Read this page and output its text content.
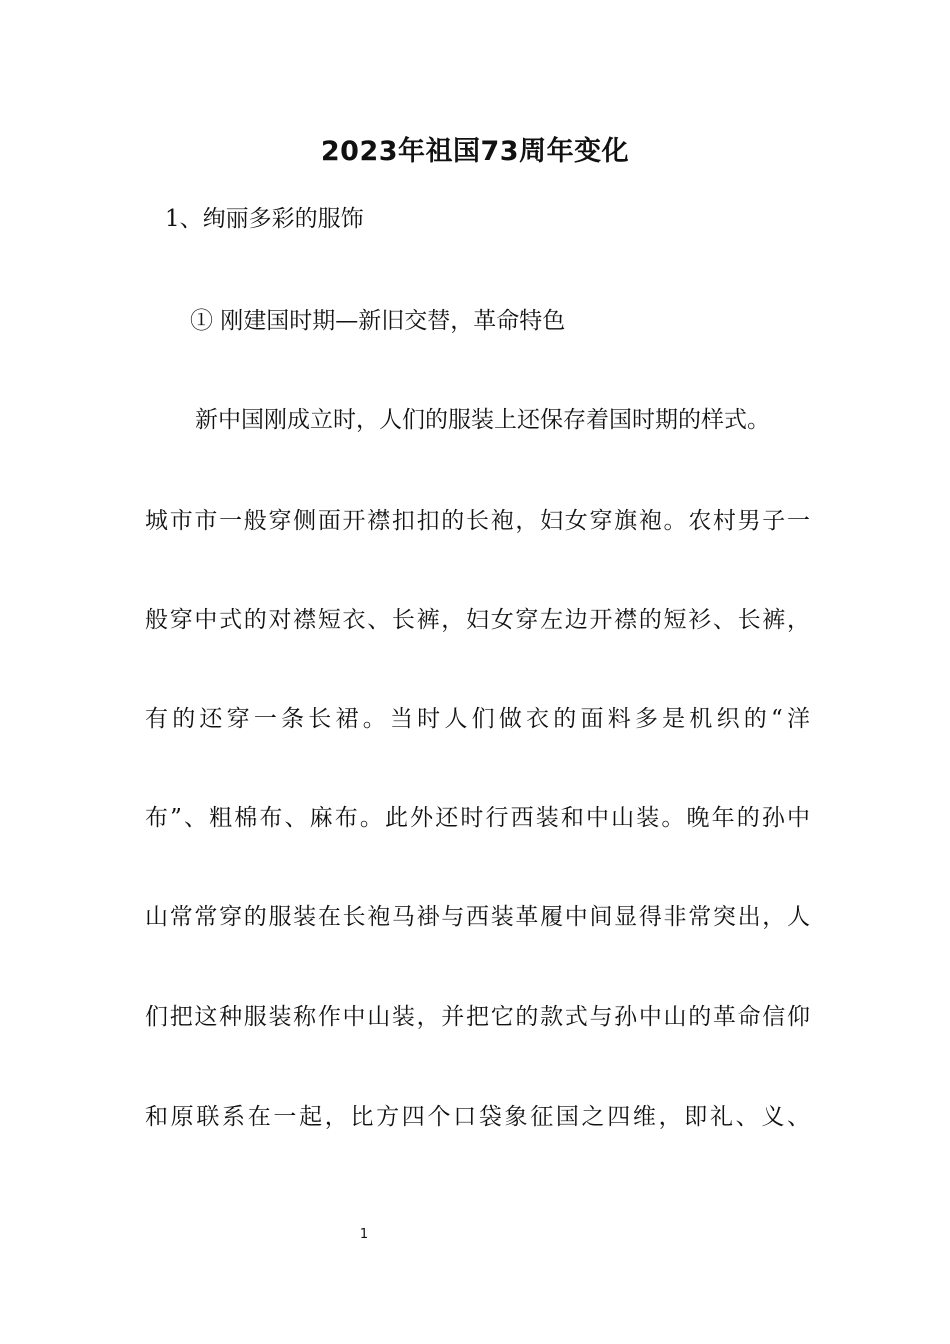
2023年祖国73周年变化
1、绚丽多彩的服饰
① 刚建国时期—新旧交替，革命特色
新中国刚成立时，人们的服装上还保存着国时期的样式。
城市市一般穿侧面开襟扣扣的长袍，妇女穿旗袍。农村男子一
般穿中式的对襟短衣、长裤，妇女穿左边开襟的短衫、长裤，
有的还穿一条长裙。当时人们做衣的面料多是机织的“洋
布”、粗棉布、麻布。此外还时行西装和中山装。晚年的孙中
山常常穿的服装在长袍马褂与西装革履中间显得非常突出，人
们把这种服装称作中山装，并把它的款式与孙中山的革命信仰
和原联系在一起，比方四个口袋象征国之四维，即礼、义、
1
